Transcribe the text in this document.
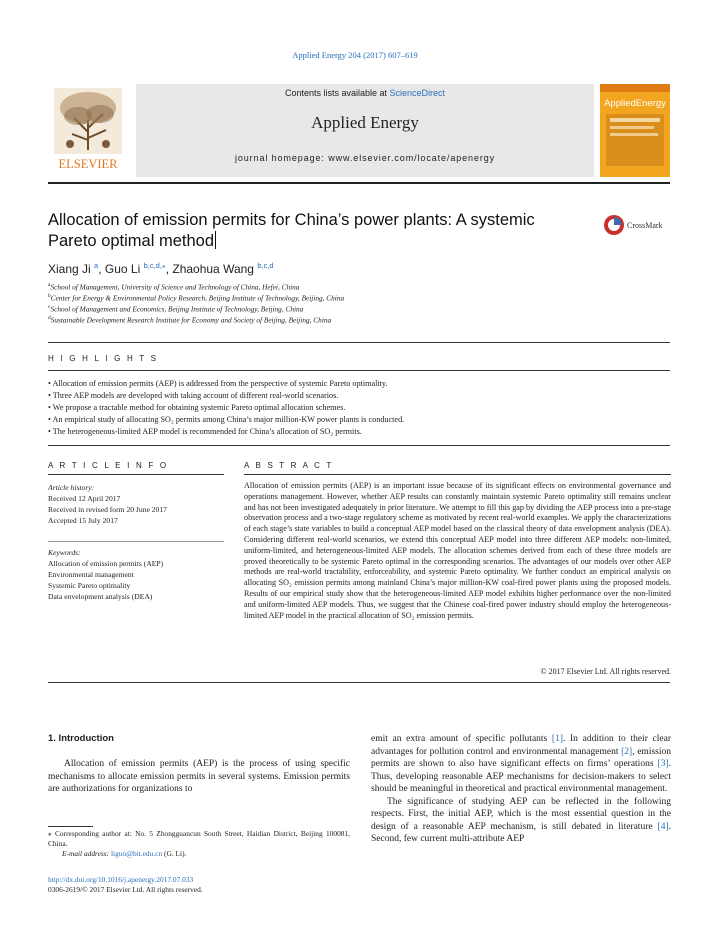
Applied Energy 204 (2017) 607–619
ELSEVIER
Contents lists available at ScienceDirect
Applied Energy
journal homepage: www.elsevier.com/locate/apenergy
AppliedEnergy
Allocation of emission permits for China’s power plants: A systemic Pareto optimal method
CrossMark
Xiang Ji $^a$, Guo Li $^{b,c,d,⁎}$, Zhaohua Wang $^{b,c,d}$
$^a$School of Management, University of Science and Technology of China, Hefei, China
$^b$Center for Energy & Environmental Policy Research, Beijing Institute of Technology, Beijing, China
$^c$School of Management and Economics, Beijing Institute of Technology, Beijing, China
$^d$Sustainable Development Research Institute for Economy and Society of Beijing, Beijing, China
H I G H L I G H T S
• Allocation of emission permits (AEP) is addressed from the perspective of systemic Pareto optimality.
• Three AEP models are developed with taking account of different real-world scenarios.
• We propose a tractable method for obtaining systemic Pareto optimal allocation schemes.
• An empirical study of allocating SO₂ permits among China’s major million-KW power plants is conducted.
• The heterogeneous-limited AEP model is recommended for China’s allocation of SO₂ permits.
A R T I C L E I N F O
Article history:
Received 12 April 2017
Received in revised form 20 June 2017
Accepted 15 July 2017
Keywords:
Allocation of emission permits (AEP)
Environmental management
Systemic Pareto optimality
Data envelopment analysis (DEA)
A B S T R A C T
Allocation of emission permits (AEP) is an important issue because of its significant effects on environmental governance and operations management. However, whether AEP results can constantly maintain systemic Pareto optimality still remains unclear and has not been investigated adequately in prior literature. We attempt to fill this gap by dividing the AEP process into a pre-stage observation process and a two-stage regulatory scheme as motivated by recent real-world examples. We apply the characterizations of each stage’s state variables to build a conceptual AEP model based on the classical theory of data envelopment analysis (DEA). Considering different real-world scenarios, we extend this conceptual AEP model into three different AEP models: non-limited, uniform-limited, and heterogeneous-limited AEP models. The allocation schemes derived from each of these three models are proved theoretically to be systemic Pareto optimal in the corresponding scenarios. The advantages of our models over other AEP methods are real-world tractability, enforceability, and systemic Pareto optimality. We further conduct an empirical analysis on allocating SO₂ emission permits among mainland China’s major million-KW coal-fired power plants using the proposed models. Results of our empirical study show that the heterogeneous-limited AEP model exhibits higher performance over the non-limited and uniform-limited AEP models. Thus, we suggest that the Chinese coal-fired power industry should employ the heterogeneous-limited AEP model in the practical allocation of SO₂ emission permits.
© 2017 Elsevier Ltd. All rights reserved.
1. Introduction
Allocation of emission permits (AEP) is the process of using specific mechanisms to allocate emission permits in several systems. Emission permits are authorizations for organizations to

emit an extra amount of specific pollutants [1]. In addition to their clear advantages for pollution control and environmental management [2], emission permits are shown to also have significant effects on firms’ operations [3]. Thus, developing reasonable AEP mechanisms for decision-makers to select should be meaningful in theoretical and practical environmental management.

The significance of studying AEP can be reflected in the following respects. First, the initial AEP, which is the most essential question in the design of a reasonable AEP mechanism, is still debated in literature [4]. Second, few current multi-attribute AEP

⁎ Corresponding author at: No. 5 Zhongguancun South Street, Haidian District, Beijing 100081, China.
E-mail address: liguo@bit.edu.cn (G. Li).
http://dx.doi.org/10.1016/j.apenergy.2017.07.033
0306-2619/© 2017 Elsevier Ltd. All rights reserved.
